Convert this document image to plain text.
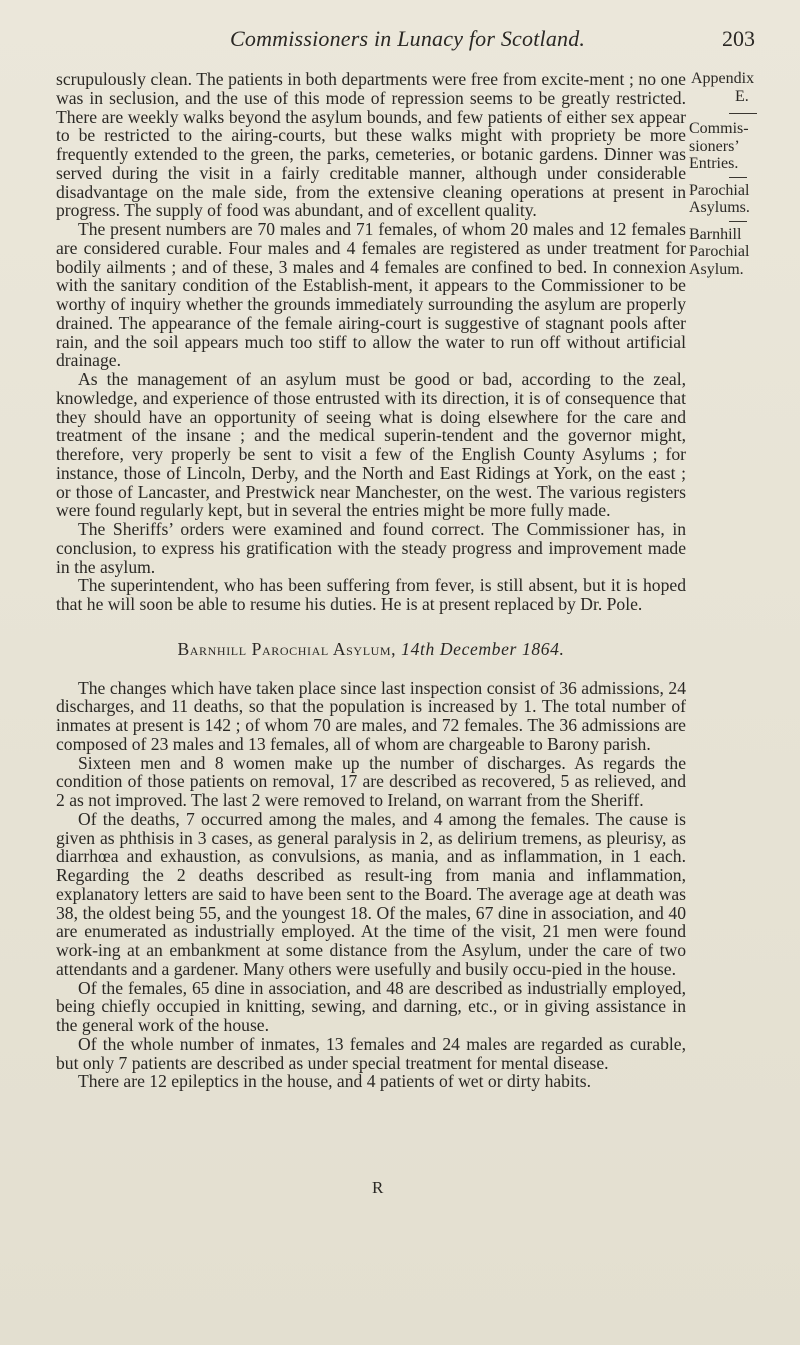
Commissioners in Lunacy for Scotland.	203

scrupulously clean. The patients in both departments were free from excite-ment ; no one was in seclusion, and the use of this mode of repression seems to be greatly restricted. There are weekly walks beyond the asylum bounds, and few patients of either sex appear to be restricted to the airing-courts, but these walks might with propriety be more frequently extended to the green, the parks, cemeteries, or botanic gardens. Dinner was served during the visit in a fairly creditable manner, although under considerable disadvantage on the male side, from the extensive cleaning operations at present in progress. The supply of food was abundant, and of excellent quality.

The present numbers are 70 males and 71 females, of whom 20 males and 12 females are considered curable. Four males and 4 females are registered as under treatment for bodily ailments ; and of these, 3 males and 4 females are confined to bed. In connexion with the sanitary condition of the Establish-ment, it appears to the Commissioner to be worthy of inquiry whether the grounds immediately surrounding the asylum are properly drained. The appearance of the female airing-court is suggestive of stagnant pools after rain, and the soil appears much too stiff to allow the water to run off without artificial drainage.

As the management of an asylum must be good or bad, according to the zeal, knowledge, and experience of those entrusted with its direction, it is of consequence that they should have an opportunity of seeing what is doing elsewhere for the care and treatment of the insane ; and the medical superin-tendent and the governor might, therefore, very properly be sent to visit a few of the English County Asylums ; for instance, those of Lincoln, Derby, and the North and East Ridings at York, on the east ; or those of Lancaster, and Prestwick near Manchester, on the west. The various registers were found regularly kept, but in several the entries might be more fully made.

The Sheriffs’ orders were examined and found correct. The Commissioner has, in conclusion, to express his gratification with the steady progress and improvement made in the asylum.

The superintendent, who has been suffering from fever, is still absent, but it is hoped that he will soon be able to resume his duties. He is at present replaced by Dr. Pole.

Barnhill Parochial Asylum, 14th December 1864.

The changes which have taken place since last inspection consist of 36 admissions, 24 discharges, and 11 deaths, so that the population is increased by 1. The total number of inmates at present is 142 ; of whom 70 are males, and 72 females. The 36 admissions are composed of 23 males and 13 females, all of whom are chargeable to Barony parish.

Sixteen men and 8 women make up the number of discharges. As regards the condition of those patients on removal, 17 are described as recovered, 5 as relieved, and 2 as not improved. The last 2 were removed to Ireland, on warrant from the Sheriff.

Of the deaths, 7 occurred among the males, and 4 among the females. The cause is given as phthisis in 3 cases, as general paralysis in 2, as delirium tremens, as pleurisy, as diarrhœa and exhaustion, as convulsions, as mania, and as inflammation, in 1 each. Regarding the 2 deaths described as result-ing from mania and inflammation, explanatory letters are said to have been sent to the Board. The average age at death was 38, the oldest being 55, and the youngest 18. Of the males, 67 dine in association, and 40 are enumerated as industrially employed. At the time of the visit, 21 men were found work-ing at an embankment at some distance from the Asylum, under the care of two attendants and a gardener. Many others were usefully and busily occu-pied in the house.

Of the females, 65 dine in association, and 48 are described as industrially employed, being chiefly occupied in knitting, sewing, and darning, etc., or in giving assistance in the general work of the house.

Of the whole number of inmates, 13 females and 24 males are regarded as curable, but only 7 patients are described as under special treatment for mental disease.

There are 12 epileptics in the house, and 4 patients of wet or dirty habits.

R

Appendix

E.

Commis-

sioners’

Entries.

Parochial

Asylums.

Barnhill

Parochial

Asylum.
